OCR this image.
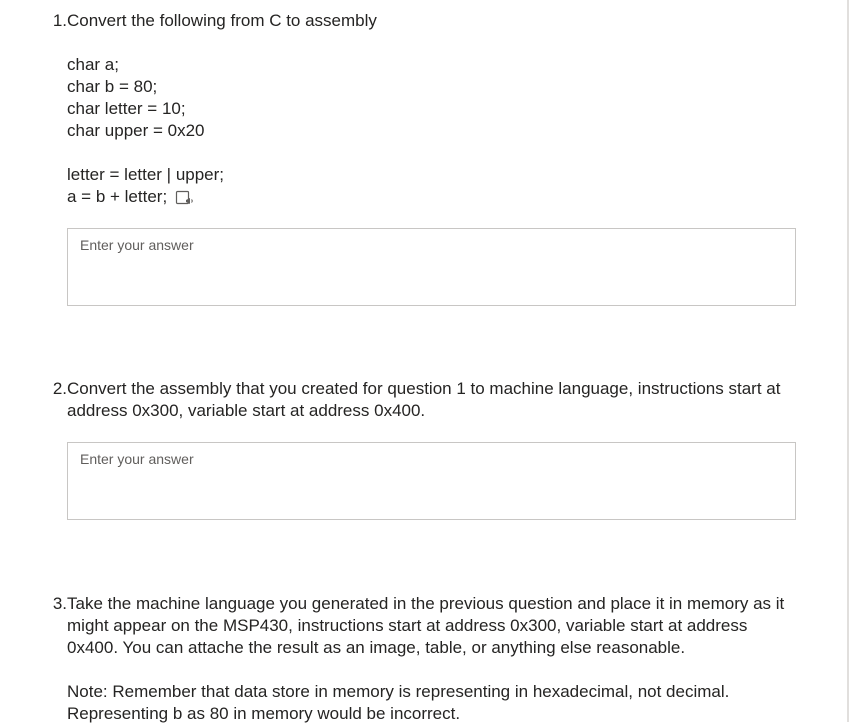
1. Convert the following from C to assembly
char a;
char b = 80;
char letter = 10;
char upper = 0x20
letter = letter | upper;
a = b + letter;
Enter your answer
2. Convert the assembly that you created for question 1 to machine language, instructions start at address 0x300, variable start at address 0x400.
Enter your answer
3. Take the machine language you generated in the previous question and place it in memory as it might appear on the MSP430, instructions start at address 0x300, variable start at address 0x400. You can attache the result as an image, table, or anything else reasonable.
Note: Remember that data store in memory is representing in hexadecimal, not decimal. Representing b as 80 in memory would be incorrect.
